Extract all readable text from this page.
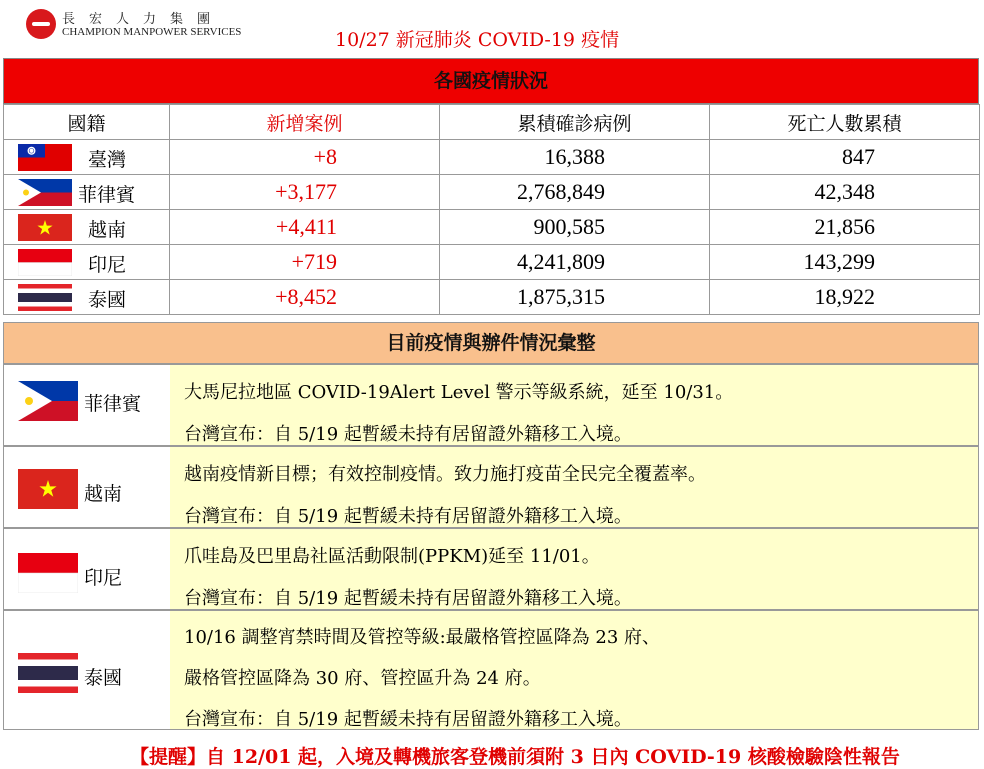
長宏人力集團
CHAMPION MANPOWER SERVICES	10/27 新冠肺炎 COVID-19 疫情
各國疫情狀況
國籍	新增案例	累積確診病例	死亡人數累積

臺灣	+8	16,388	847

菲律賓	+3,177	2,768,849	42,348

越南	+4,411	900,585	21,856

印尼	+719	4,241,809	143,299

泰國	+8,452	1,875,315	18,922
目前疫情與辦件情況彙整
菲律賓
大馬尼拉地區 COVID-19Alert Level 警示等級系統，延至 10/31。
台灣宣布：自 5/19 起暫緩未持有居留證外籍移工入境。
越南
越南疫情新目標；有效控制疫情。致力施打疫苗全民完全覆蓋率。
台灣宣布：自 5/19 起暫緩未持有居留證外籍移工入境。
印尼
爪哇島及巴里島社區活動限制(PPKM)延至 11/01。
台灣宣布：自 5/19 起暫緩未持有居留證外籍移工入境。
泰國
10/16 調整宵禁時間及管控等級:最嚴格管控區降為 23 府、
嚴格管控區降為 30 府、管控區升為 24 府。
台灣宣布：自 5/19 起暫緩未持有居留證外籍移工入境。
【提醒】自 12/01 起，入境及轉機旅客登機前須附 3 日內 COVID-19 核酸檢驗陰性報告
